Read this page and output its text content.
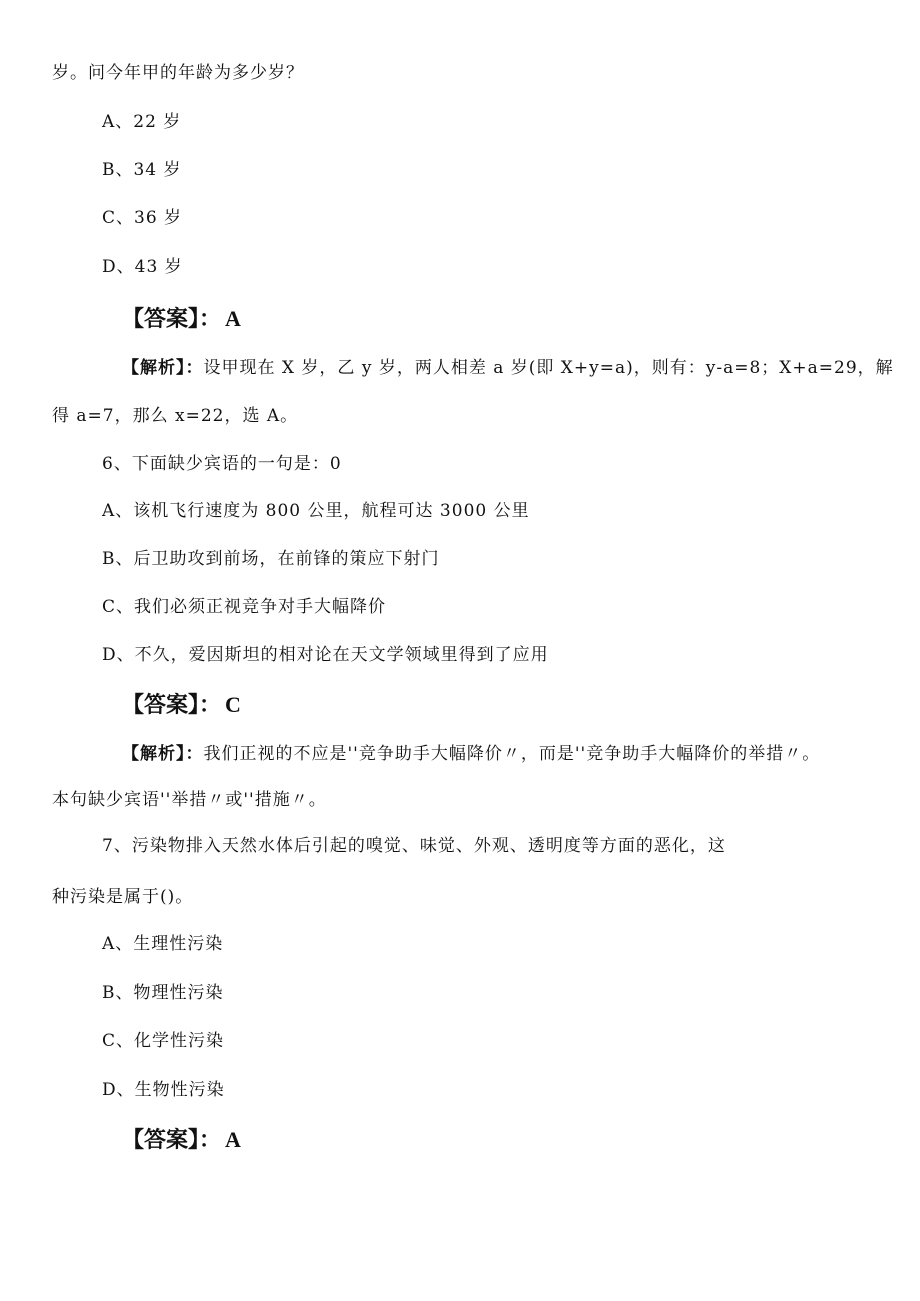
岁。问今年甲的年龄为多少岁？
A、22 岁
B、34 岁
C、36 岁
D、43 岁
【答案】： A
【解析】：设甲现在 X 岁，乙 y 岁，两人相差 a 岁(即 X+y=a)，则有：y-a=8；X+a=29，解
得 a=7，那么 x=22，选 A。
6、下面缺少宾语的一句是：0
A、该机飞行速度为 800 公里，航程可达 3000 公里
B、后卫助攻到前场，在前锋的策应下射门
C、我们必须正视竞争对手大幅降价
D、不久，爱因斯坦的相对论在天文学领域里得到了应用
【答案】： C
【解析】：我们正视的不应是''竞争助手大幅降价〃，而是''竞争助手大幅降价的举措〃。
本句缺少宾语''举措〃或''措施〃。
7、污染物排入天然水体后引起的嗅觉、味觉、外观、透明度等方面的恶化，这
种污染是属于()。
A、生理性污染
B、物理性污染
C、化学性污染
D、生物性污染
【答案】： A
